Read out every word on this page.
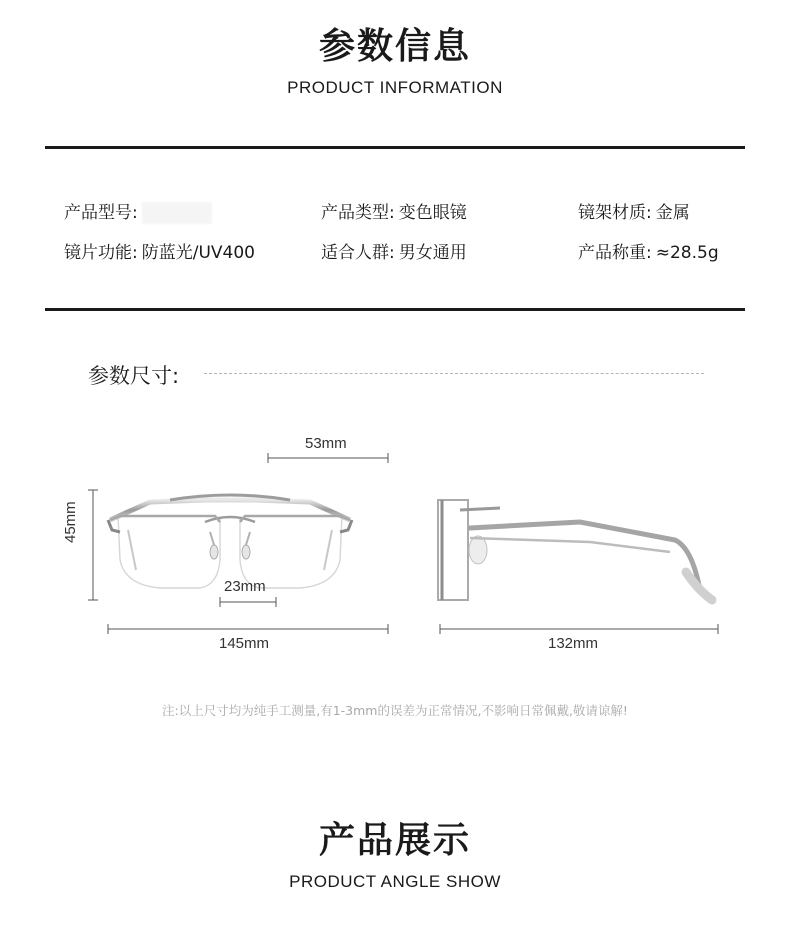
参数信息
PRODUCT INFORMATION
产品型号:	产品类型: 变色眼镜	镜架材质: 金属
镜片功能: 防蓝光/UV400	适合人群: 男女通用	产品称重: ≈28.5g
参数尺寸:
53mm
45mm
23mm
145mm	132mm
注:以上尺寸均为纯手工测量,有1-3mm的误差为正常情况,不影响日常佩戴,敬请谅解!
产品展示
PRODUCT ANGLE SHOW
